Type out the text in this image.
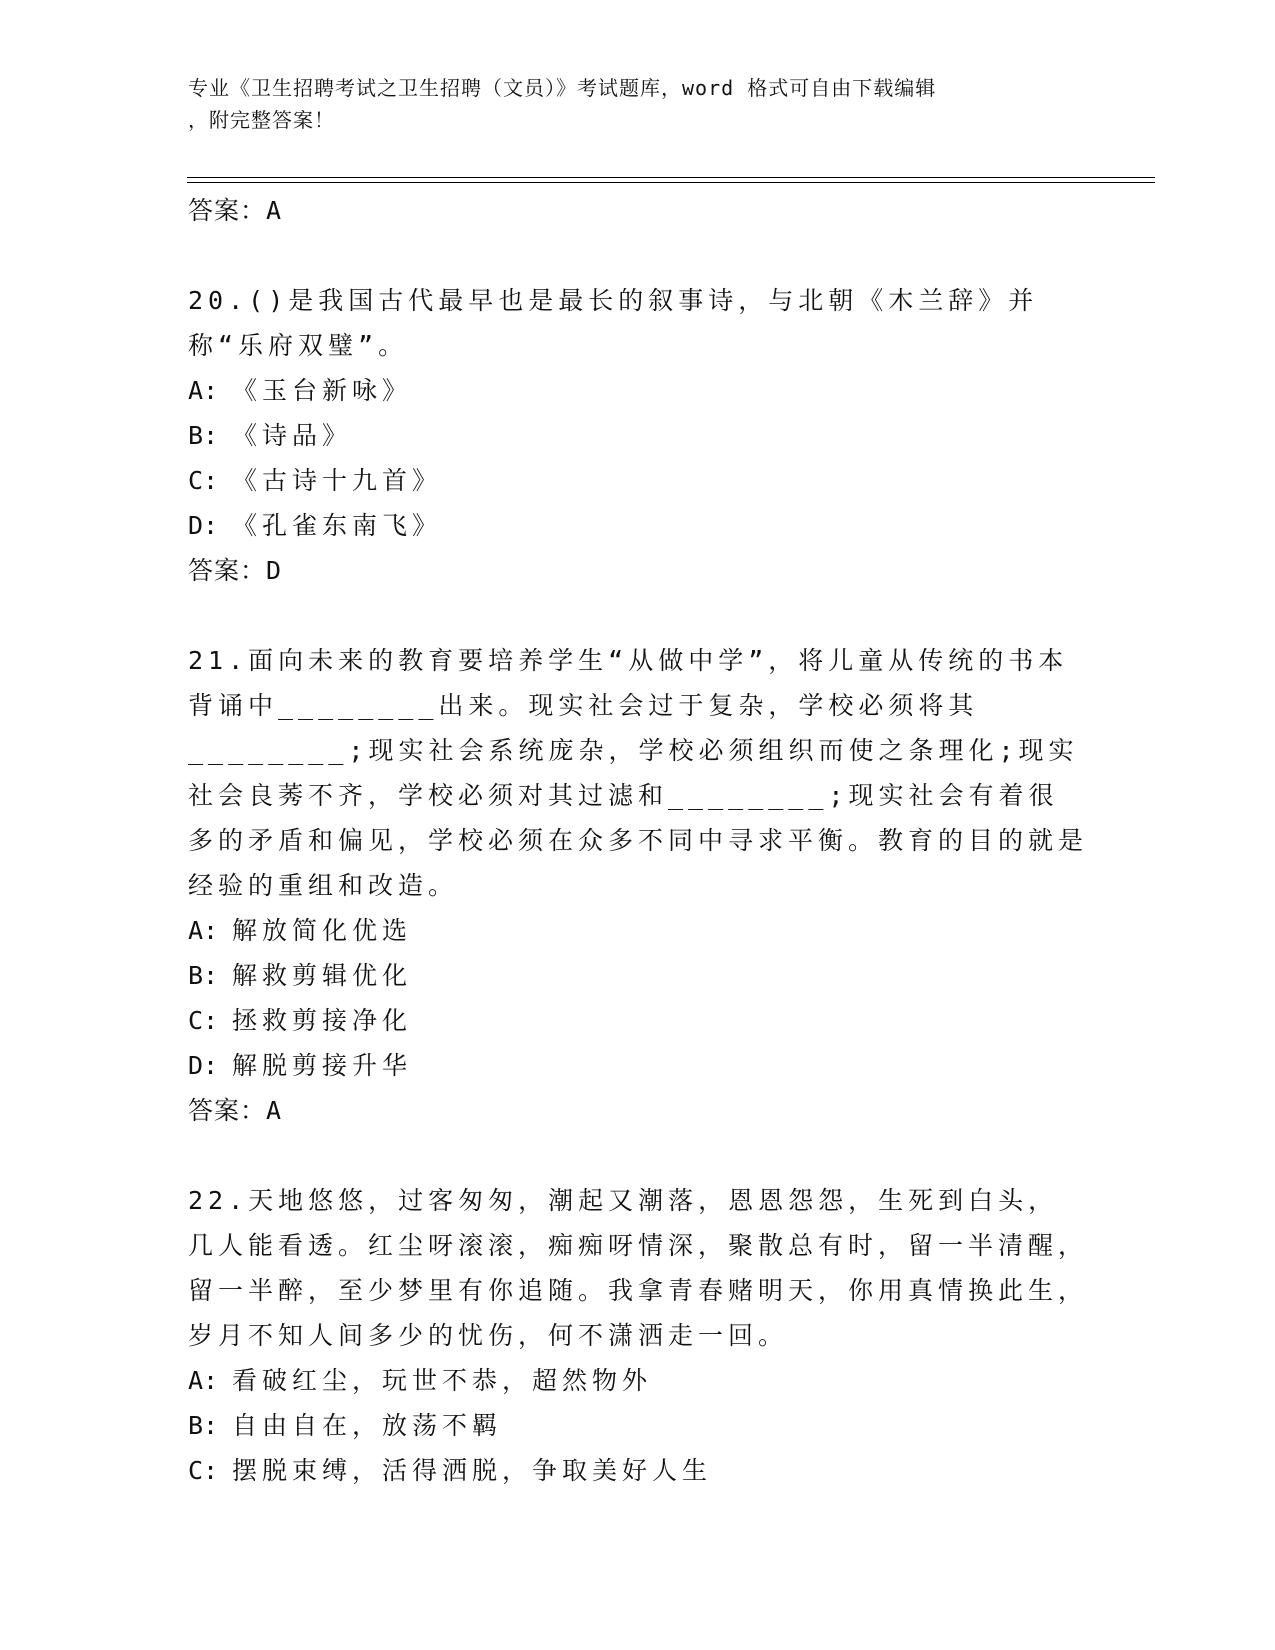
专业《卫生招聘考试之卫生招聘（文员）》考试题库，word 格式可自由下载编辑
，附完整答案！
答案：A
20.()是我国古代最早也是最长的叙事诗，与北朝《木兰辞》并称“乐府双璧”。
A: 《玉台新咏》
B: 《诗品》
C: 《古诗十九首》
D: 《孔雀东南飞》
答案：D
21.面向未来的教育要培养学生“从做中学”，将儿童从传统的书本背诵中________出来。现实社会过于复杂，学校必须将其________;现实社会系统庞杂，学校必须组织而使之条理化;现实社会良莠不齐，学校必须对其过滤和________;现实社会有着很多的矛盾和偏见，学校必须在众多不同中寻求平衡。教育的目的就是经验的重组和改造。
A: 解放简化优选
B: 解救剪辑优化
C: 拯救剪接净化
D: 解脱剪接升华
答案：A
22.天地悠悠，过客匆匆，潮起又潮落，恩恩怨怨，生死到白头，几人能看透。红尘呀滚滚，痴痴呀情深，聚散总有时，留一半清醒，留一半醉，至少梦里有你追随。我拿青春赌明天，你用真情换此生，岁月不知人间多少的忧伤，何不潇洒走一回。
A: 看破红尘，玩世不恭，超然物外
B: 自由自在，放荡不羁
C: 摆脱束缚，活得洒脱，争取美好人生
